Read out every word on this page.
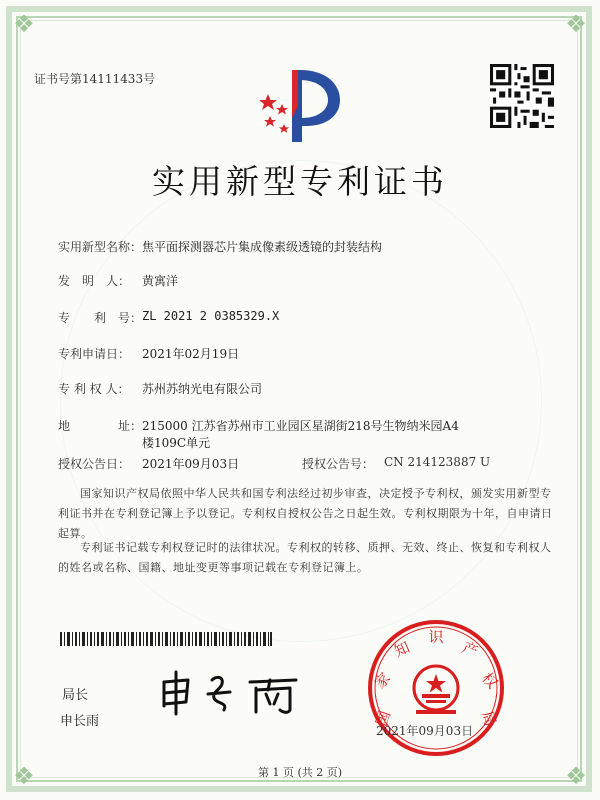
❖	❖
❖	❖
证书号第14111433号
实用新型专利证书
实用新型名称： 焦平面探测器芯片集成像素级透镜的封装结构
发　明　人： 黄寓洋
专　　利　号： ZL 2021 2 0385329.X
专利申请日： 2021年02月19日
专 利 权 人： 苏州苏纳光电有限公司
地　　　　址： 215000 江苏省苏州市工业园区星湖街218号生物纳米园A4
楼109C单元
授权公告日： 2021年09月03日	授权公告号： CN 214123887 U
国家知识产权局依照中华人民共和国专利法经过初步审查，决定授予专利权，颁发实用新型专利证书并在专利登记簿上予以登记。专利权自授权公告之日起生效。专利权期限为十年，自申请日起算。
专利证书记载专利权登记时的法律状况。专利权的转移、质押、无效、终止、恢复和专利权人的姓名或名称、国籍、地址变更等事项记载在专利登记簿上。
局长
申长雨	国
家
知
识
产
权
局
2021年09月03日
第 1 页 (共 2 页)
